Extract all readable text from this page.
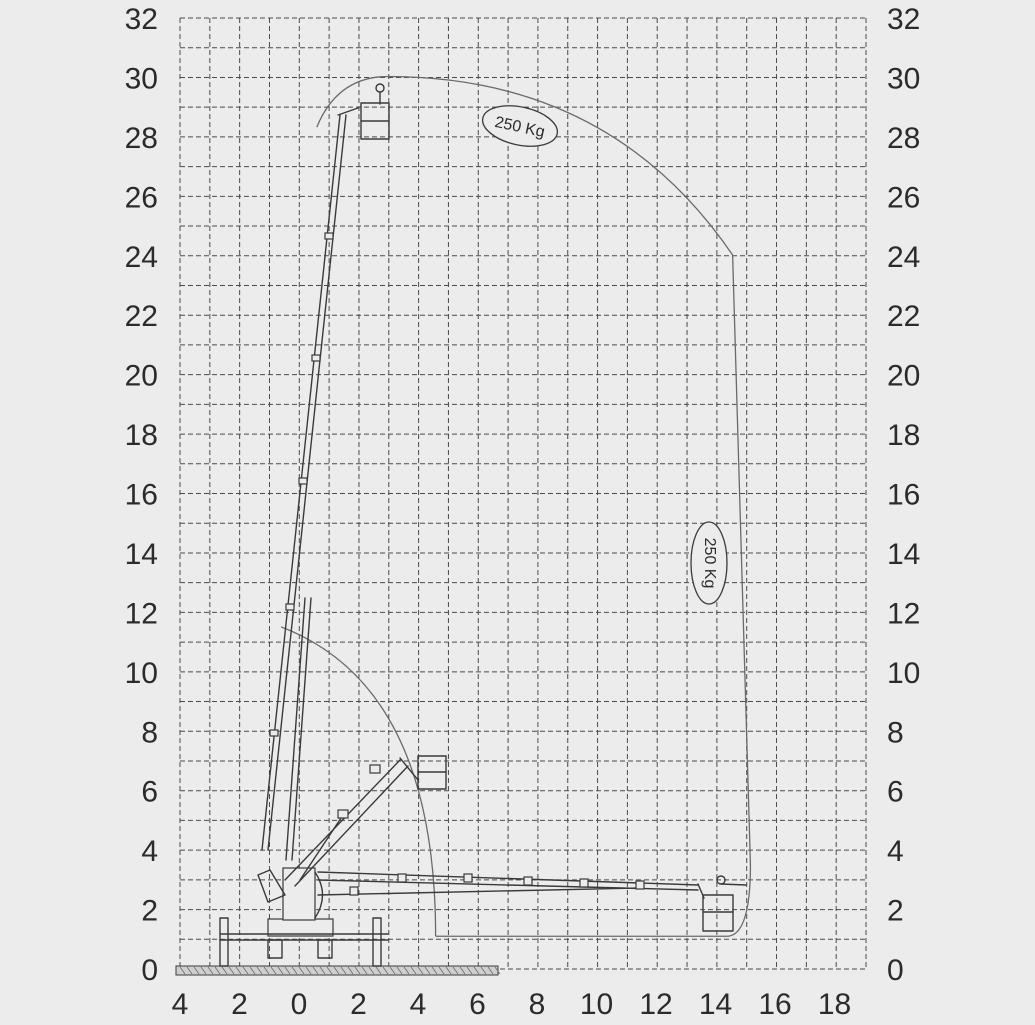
4 2 0 2 4 6 8 10 12 14 16 18
0	0
2	2
4	4
6	6
8	8
10	10
12	12
14	14
16	16
18	18
20	20
22	22
24	24
26	26
28	28
30	30
32	32
250 Kg
250 Kg
